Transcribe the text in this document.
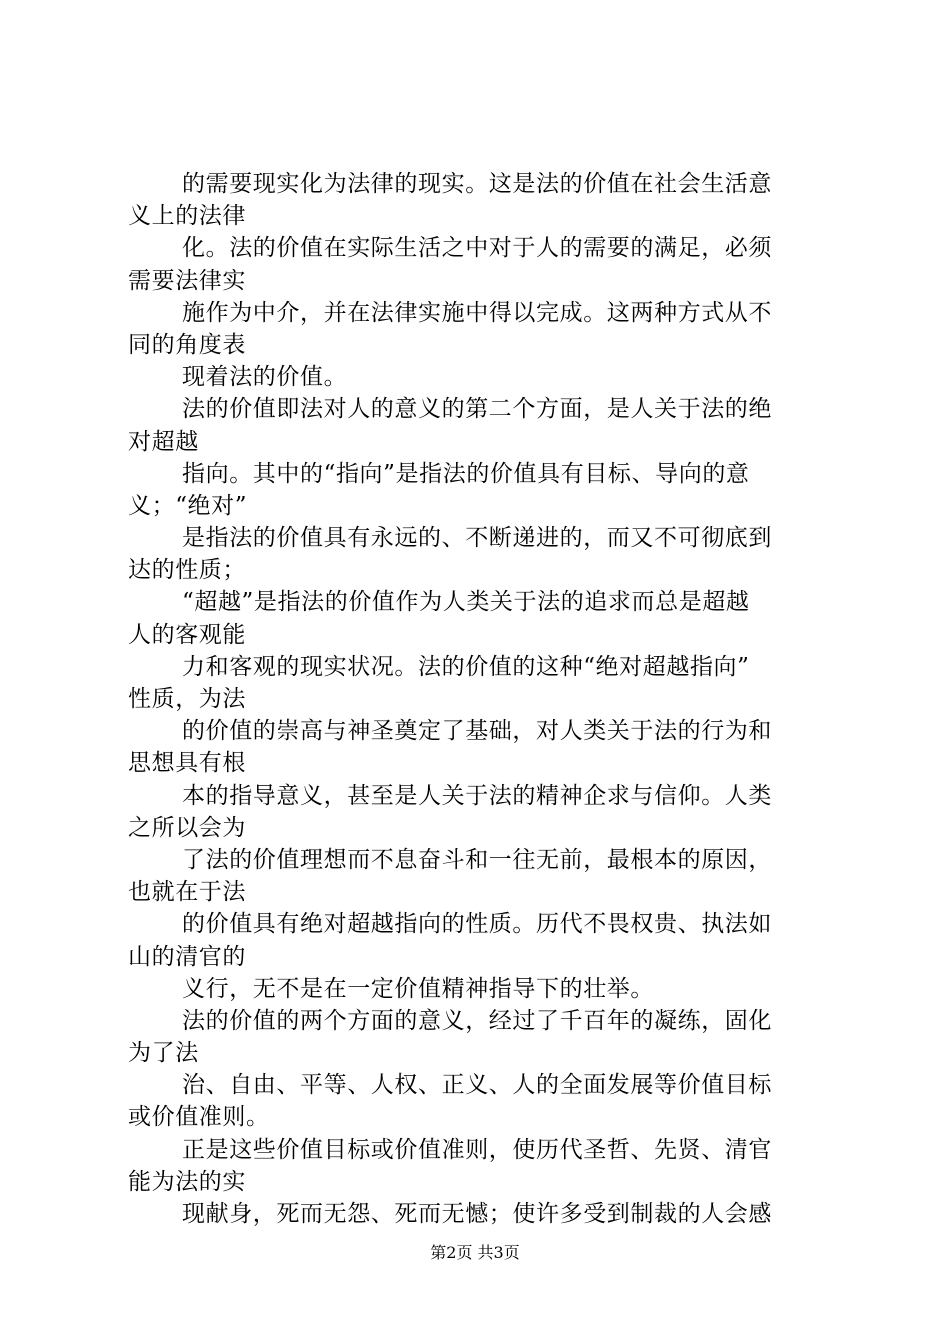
的需要现实化为法律的现实。这是法的价值在社会生活意
义上的法律
化。法的价值在实际生活之中对于人的需要的满足，必须
需要法律实
施作为中介，并在法律实施中得以完成。这两种方式从不
同的角度表
现着法的价值。
法的价值即法对人的意义的第二个方面，是人关于法的绝
对超越
指向。其中的“指向”是指法的价值具有目标、导向的意
义；“绝对”
是指法的价值具有永远的、不断递进的，而又不可彻底到
达的性质；
“超越”是指法的价值作为人类关于法的追求而总是超越
人的客观能
力和客观的现实状况。法的价值的这种“绝对超越指向”
性质，为法
的价值的崇高与神圣奠定了基础，对人类关于法的行为和
思想具有根
本的指导意义，甚至是人关于法的精神企求与信仰。人类
之所以会为
了法的价值理想而不息奋斗和一往无前，最根本的原因，
也就在于法
的价值具有绝对超越指向的性质。历代不畏权贵、执法如
山的清官的
义行，无不是在一定价值精神指导下的壮举。
法的价值的两个方面的意义，经过了千百年的凝练，固化
为了法
治、自由、平等、人权、正义、人的全面发展等价值目标
或价值准则。
正是这些价值目标或价值准则，使历代圣哲、先贤、清官
能为法的实
现献身，死而无怨、死而无憾；使许多受到制裁的人会感
第2页 共3页
